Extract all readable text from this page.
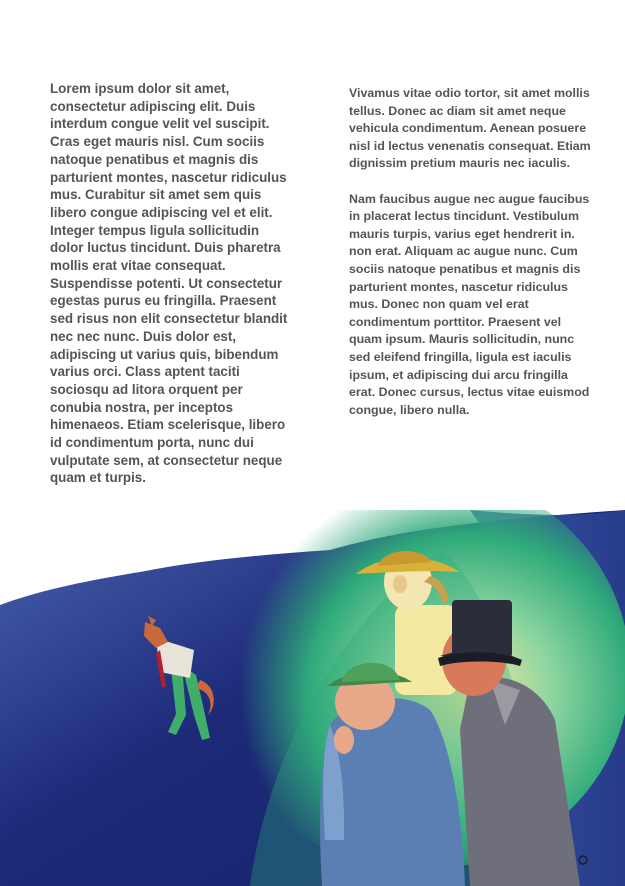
Lorem ipsum dolor sit amet, consectetur adipiscing elit. Duis interdum congue velit vel suscipit. Cras eget mauris nisl. Cum sociis natoque penatibus et magnis dis parturient montes, nascetur ridiculus mus. Curabitur sit amet sem quis libero congue adipiscing vel et elit. Integer tempus ligula sollicitudin dolor luctus tincidunt. Duis pharetra mollis erat vitae consequat. Suspendisse potenti. Ut consectetur egestas purus eu fringilla. Praesent sed risus non elit consectetur blandit nec nec nunc. Duis dolor est, adipiscing ut varius quis, bibendum varius orci. Class aptent taciti sociosqu ad litora orquent per conubia nostra, per inceptos himenaeos. Etiam scelerisque, libero id condimentum porta, nunc dui vulputate sem, at consectetur neque quam et turpis.

Vivamus vitae odio tortor, sit amet mollis tellus. Donec ac diam sit amet neque vehicula condimentum. Aenean posuere nisl id lectus venenatis consequat. Etiam dignissim pretium mauris nec iaculis.

Nam faucibus augue nec augue faucibus in placerat lectus tincidunt. Vestibulum mauris turpis, varius eget hendrerit in. non erat. Aliquam ac augue nunc. Cum sociis natoque penatibus et magnis dis parturient montes, nascetur ridiculus mus. Donec non quam vel erat condimentum porttitor. Praesent vel quam ipsum. Mauris sollicitudin, nunc sed eleifend fringilla, ligula est iaculis ipsum, et adipiscing dui arcu fringilla erat. Donec cursus, lectus vitae euismod congue, libero nulla.
